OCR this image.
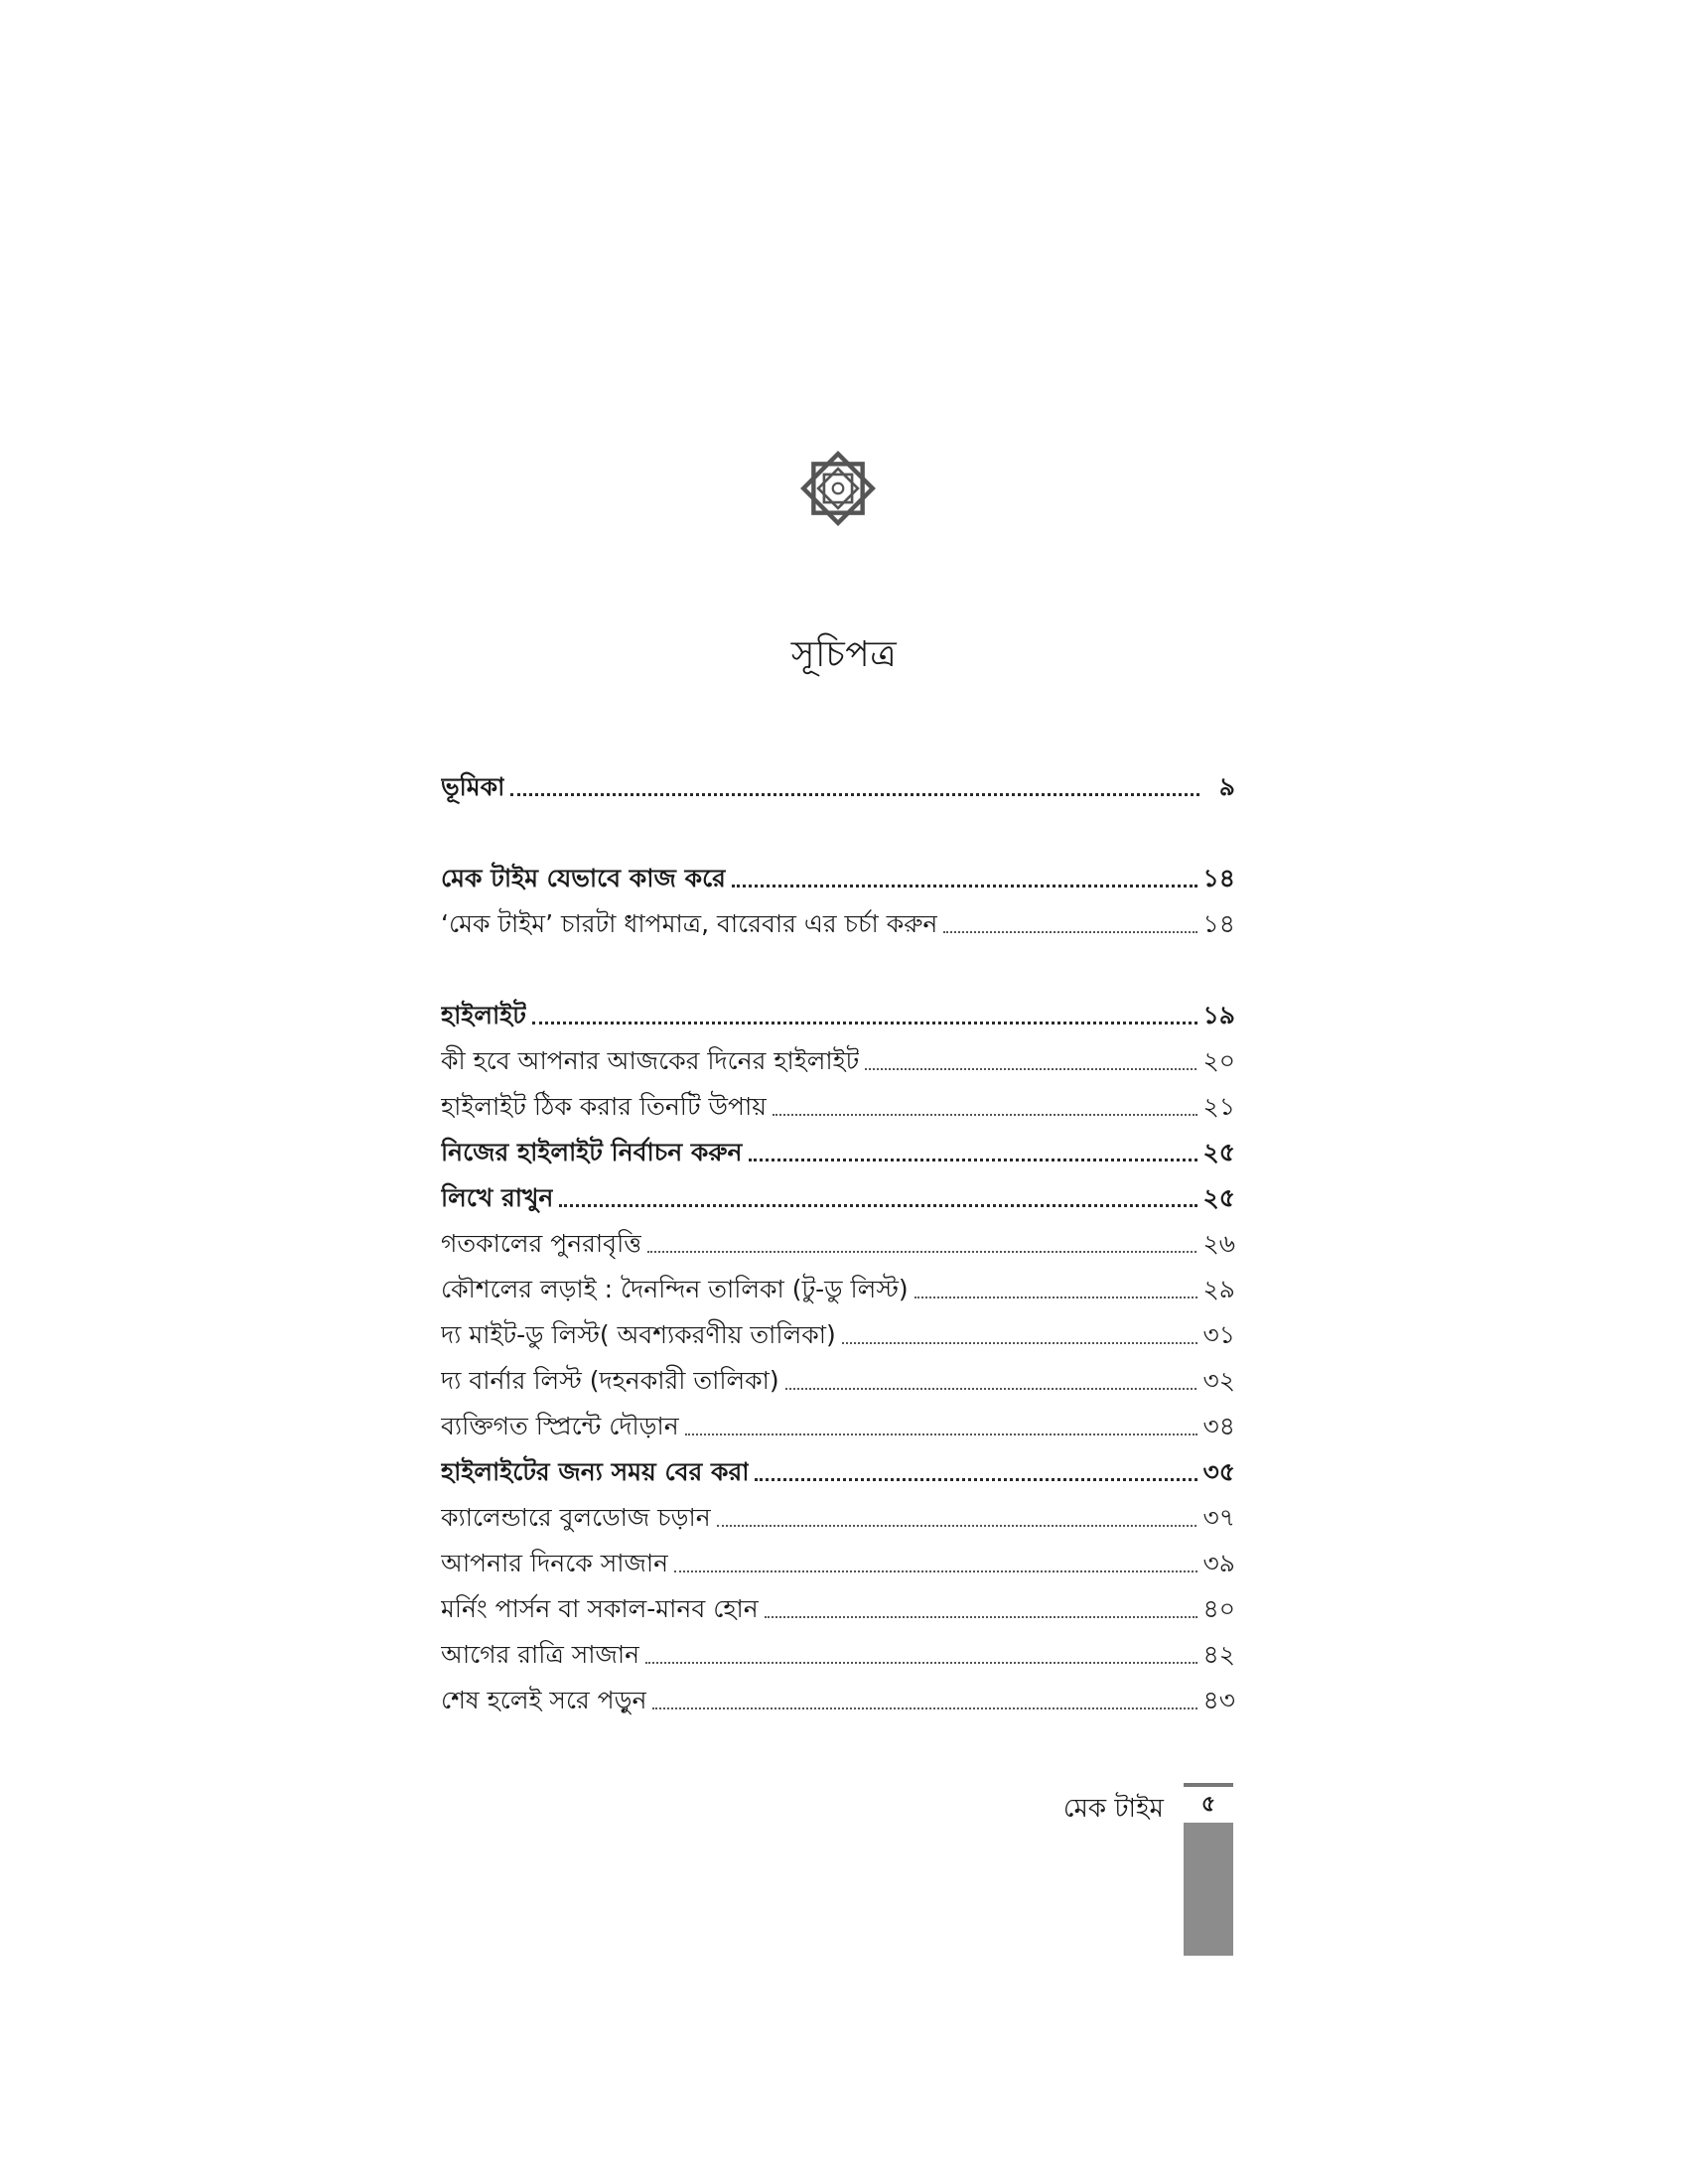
সূচিপত্র
ভূমিকা	৯
মেক টাইম যেভাবে কাজ করে	১৪
‘মেক টাইম’ চারটা ধাপমাত্র, বারেবার এর চর্চা করুন	১৪
হাইলাইট	১৯
কী হবে আপনার আজকের দিনের হাইলাইট	২০
হাইলাইট ঠিক করার তিনটি উপায়	২১
নিজের হাইলাইট নির্বাচন করুন	২৫
লিখে রাখুন	২৫
গতকালের পুনরাবৃত্তি	২৬
কৌশলের লড়াই : দৈনন্দিন তালিকা (টু-ডু লিস্ট)	২৯
দ্য মাইট-ডু লিস্ট( অবশ্যকরণীয় তালিকা)	৩১
দ্য বার্নার লিস্ট (দহনকারী তালিকা)	৩২
ব্যক্তিগত স্প্রিন্টে দৌড়ান	৩৪
হাইলাইটের জন্য সময় বের করা	৩৫
ক্যালেন্ডারে বুলডোজ চড়ান	৩৭
আপনার দিনকে সাজান	৩৯
মর্নিং পার্সন বা সকাল-মানব হোন	৪০
আগের রাত্রি সাজান	৪২
শেষ হলেই সরে পড়ুন	৪৩
মেক টাইম	৫
